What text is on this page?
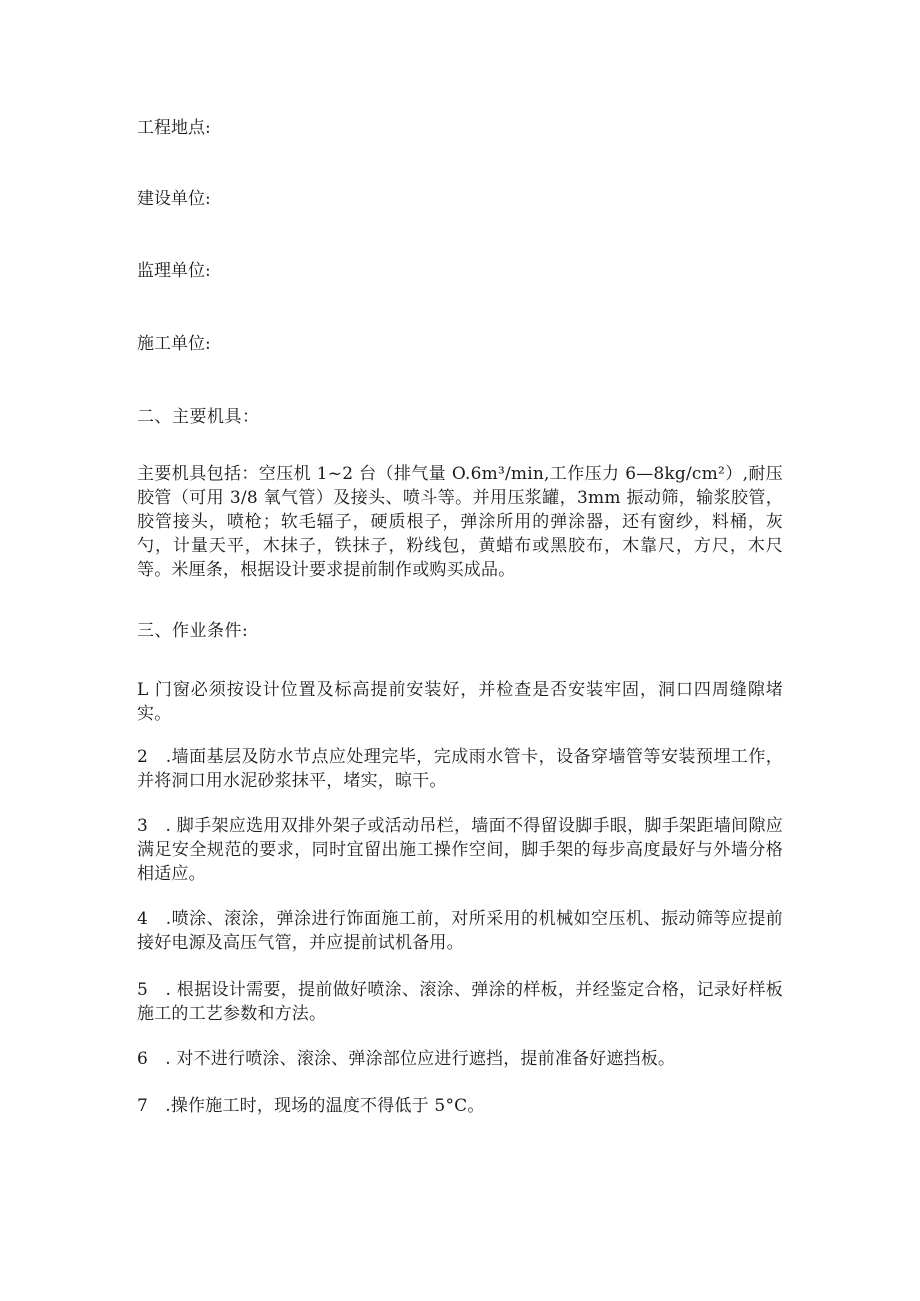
工程地点:
建设单位:
监理单位:
施工单位:
二、主要机具：
主要机具包括：空压机 1~2 台（排气量 O.6m³/min,工作压力 6—8kg/cm²）,耐压胶管（可用 3/8 氧气管）及接头、喷斗等。并用压浆罐，3mm 振动筛，输浆胶管，胶管接头，喷枪；软毛辐子，硬质根子，弹涂所用的弹涂器，还有窗纱，料桶，灰勺，计量天平，木抹子，铁抹子，粉线包，黄蜡布或黑胶布，木靠尺，方尺，木尺等。米厘条，根据设计要求提前制作或购买成品。
三、作业条件:
L 门窗必须按设计位置及标高提前安装好，并检查是否安装牢固，洞口四周缝隙堵实。
2　.墙面基层及防水节点应处理完毕，完成雨水管卡，设备穿墙管等安装预埋工作，并将洞口用水泥砂浆抹平，堵实，晾干。
3　. 脚手架应选用双排外架子或活动吊栏，墙面不得留设脚手眼，脚手架距墙间隙应满足安全规范的要求，同时宜留出施工操作空间，脚手架的每步高度最好与外墙分格相适应。
4　.喷涂、滚涂，弹涂进行饰面施工前，对所采用的机械如空压机、振动筛等应提前接好电源及高压气管，并应提前试机备用。
5　. 根据设计需要，提前做好喷涂、滚涂、弹涂的样板，并经鉴定合格，记录好样板施工的工艺参数和方法。
6　. 对不进行喷涂、滚涂、弹涂部位应进行遮挡，提前准备好遮挡板。
7　.操作施工时，现场的温度不得低于 5°C。
